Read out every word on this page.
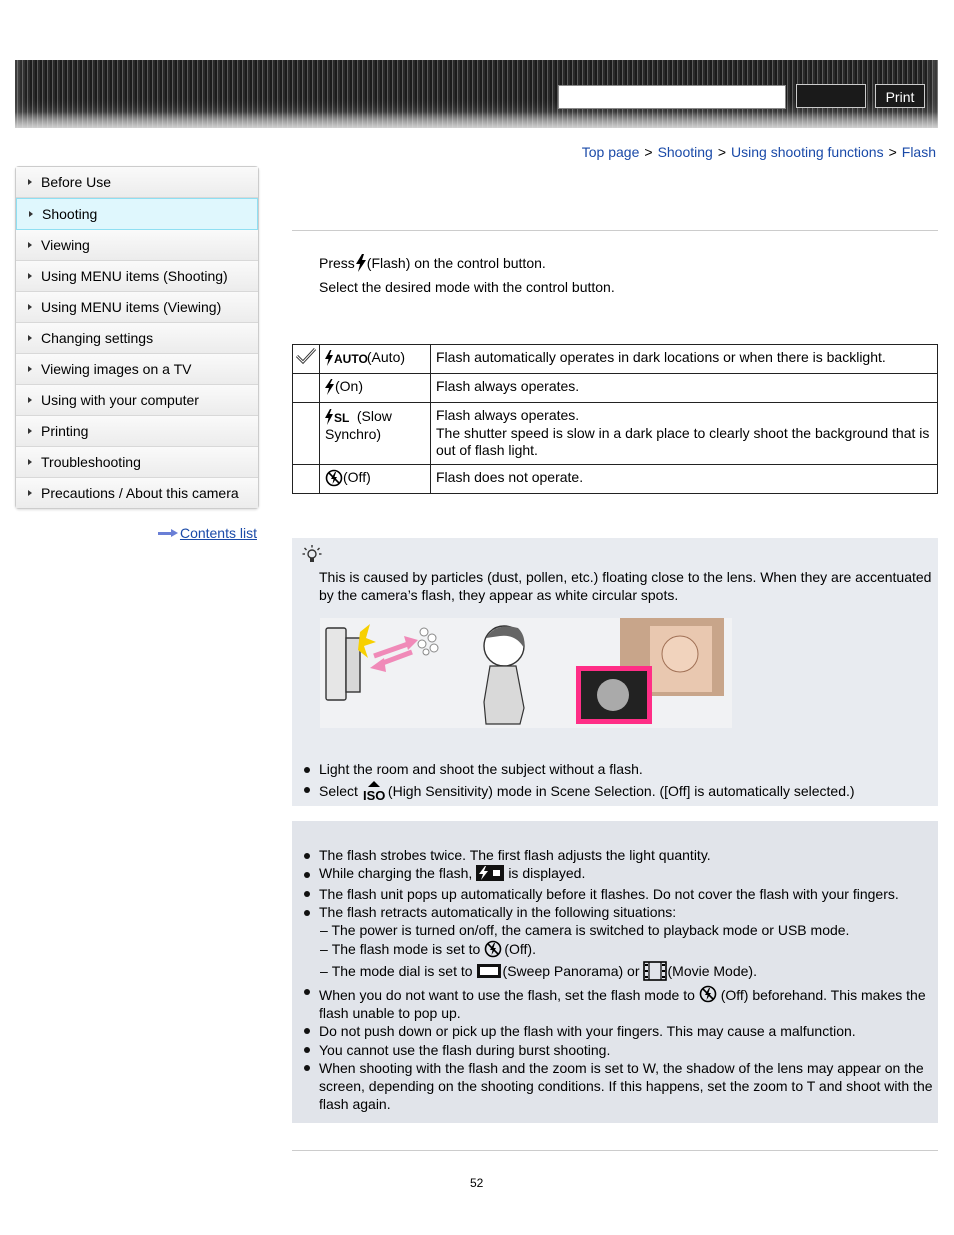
Print
Top page > Shooting > Using shooting functions > Flash
Before Use
Shooting
Viewing
Using MENU items (Shooting)
Using MENU items (Viewing)
Changing settings
Viewing images on a TV
Using with your computer
Printing
Troubleshooting
Precautions / About this camera
Contents list
Press (Flash) on the control button.
Select the desired mode with the control button.

AUTO (Auto)	Flash automatically operates in dark locations or when there is backlight.
	(On)	Flash always operates.

SL (Slow Synchro)	Flash always operates.
The shutter speed is slow in a dark place to clearly shoot the background that is out of flash light.
	(Off)	Flash does not operate.
This is caused by particles (dust, pollen, etc.) floating close to the lens. When they are accentuated by the camera’s flash, they appear as white circular spots.
Light the room and shoot the subject without a flash.
Select ISO (High Sensitivity) mode in Scene Selection. ([Off] is automatically selected.)
The flash strobes twice. The first flash adjusts the light quantity.
While charging the flash,	is displayed.
The flash unit pops up automatically before it flashes. Do not cover the flash with your fingers.
The flash retracts automatically in the following situations:
– The power is turned on/off, the camera is switched to playback mode or USB mode.
–
The flash mode is set to (Off).
–
The mode dial is set to (Sweep Panorama) or (Movie Mode).
When you do not want to use the flash, set the flash mode to (Off) beforehand. This makes the flash unable to pop up.
Do not push down or pick up the flash with your fingers. This may cause a malfunction.
You cannot use the flash during burst shooting.
When shooting with the flash and the zoom is set to W, the shadow of the lens may appear on the screen, depending on the shooting conditions. If this happens, set the zoom to T and shoot with the flash again.
52
